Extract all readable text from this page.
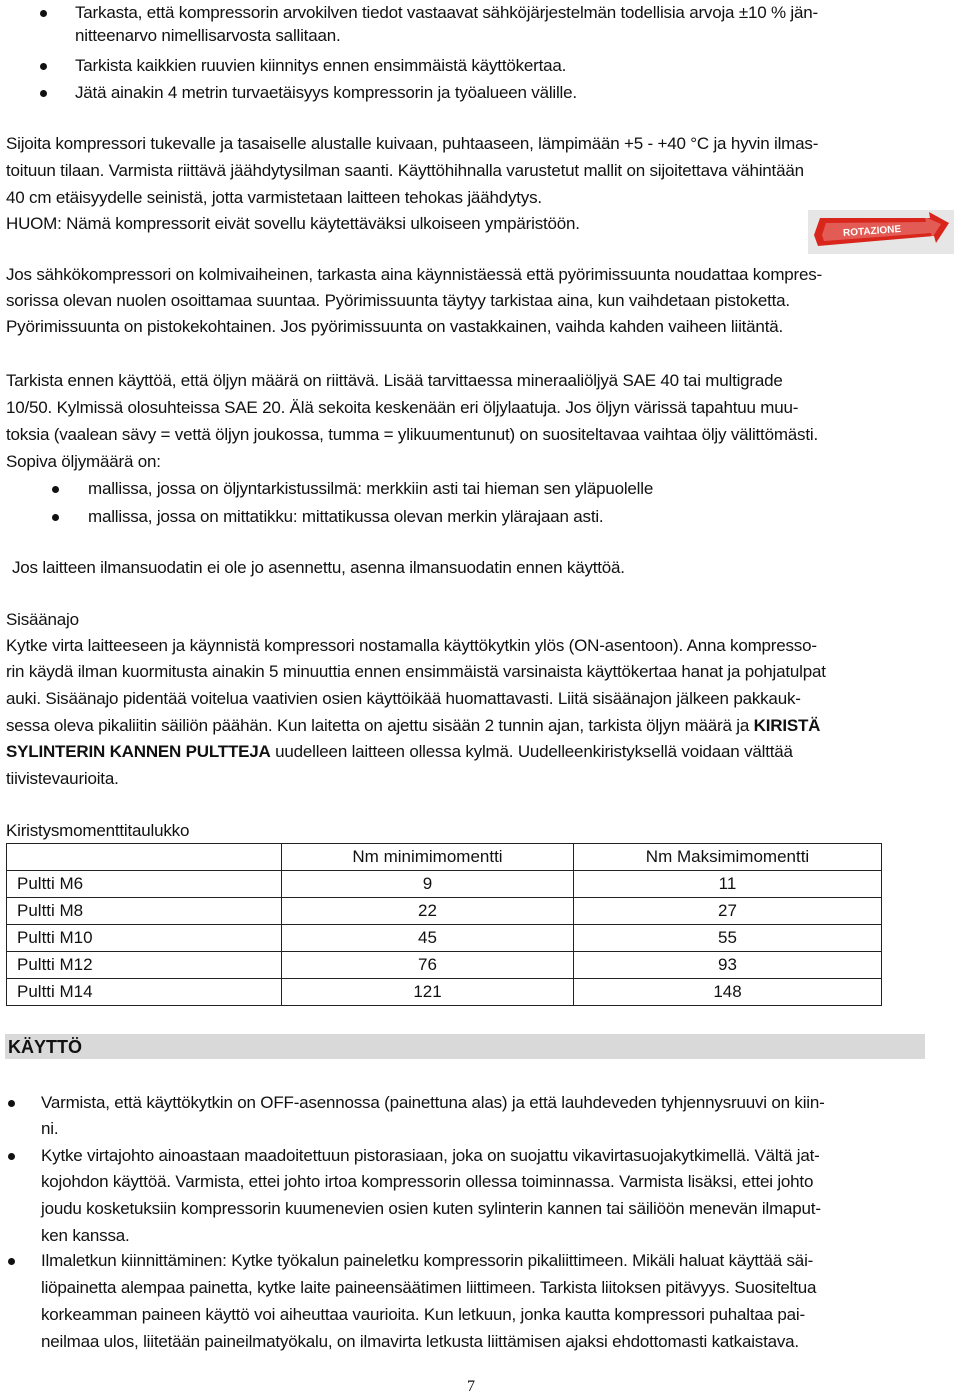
Tarkasta, että kompressorin arvokilven tiedot vastaavat sähköjärjestelmän todellisia arvoja ±10 % jän-
nitteenarvo nimellisarvosta sallitaan.
Tarkista kaikkien ruuvien kiinnitys ennen ensimmäistä käyttökertaa.
Jätä ainakin 4 metrin turvaetäisyys kompressorin ja työalueen välille.
Sijoita kompressori tukevalle ja tasaiselle alustalle kuivaan, puhtaaseen, lämpimään +5 - +40 °C ja hyvin ilmas-
toituun tilaan. Varmista riittävä jäähdytysilman saanti. Käyttöhihnalla varustetut mallit on sijoitettava vähintään
40 cm etäisyydelle seinistä, jotta varmistetaan laitteen tehokas jäähdytys.
HUOM: Nämä kompressorit eivät sovellu käytettäväksi ulkoiseen ympäristöön.	ROTAZIONE
Jos sähkökompressori on kolmivaiheinen, tarkasta aina käynnistäessä että pyörimissuunta noudattaa kompres-
sorissa olevan nuolen osoittamaa suuntaa. Pyörimissuunta täytyy tarkistaa aina, kun vaihdetaan pistoketta.
Pyörimissuunta on pistokekohtainen. Jos pyörimissuunta on vastakkainen, vaihda kahden vaiheen liitäntä.
Tarkista ennen käyttöä, että öljyn määrä on riittävä. Lisää tarvittaessa mineraaliöljyä SAE 40 tai multigrade
10/50. Kylmissä olosuhteissa SAE 20. Älä sekoita keskenään eri öljylaatuja. Jos öljyn värissä tapahtuu muu-
toksia (vaalean sävy = vettä öljyn joukossa, tumma = ylikuumentunut) on suositeltavaa vaihtaa öljy välittömästi.
Sopiva öljymäärä on:
mallissa, jossa on öljyntarkistussilmä: merkkiin asti tai hieman sen yläpuolelle
mallissa, jossa on mittatikku: mittatikussa olevan merkin ylärajaan asti.
Jos laitteen ilmansuodatin ei ole jo asennettu, asenna ilmansuodatin ennen käyttöä.
Sisäänajo
Kytke virta laitteeseen ja käynnistä kompressori nostamalla käyttökytkin ylös (ON-asentoon). Anna kompresso-
rin käydä ilman kuormitusta ainakin 5 minuuttia ennen ensimmäistä varsinaista käyttökertaa hanat ja pohjatulpat
auki. Sisäänajo pidentää voitelua vaativien osien käyttöikää huomattavasti. Liitä sisäänajon jälkeen pakkauk-
sessa oleva pikaliitin säiliön päähän. Kun laitetta on ajettu sisään 2 tunnin ajan, tarkista öljyn määrä ja KIRISTÄ
SYLINTERIN KANNEN PULTTEJA uudelleen laitteen ollessa kylmä. Uudelleenkiristyksellä voidaan välttää
tiivistevaurioita.
Kiristysmomenttitaulukko
	Nm minimimomentti	Nm Maksimimomentti
Pultti M6	9	11
Pultti M8	22	27
Pultti M10	45	55
Pultti M12	76	93
Pultti M14	121	148
KÄYTTÖ
Varmista, että käyttökytkin on OFF-asennossa (painettuna alas) ja että lauhdeveden tyhjennysruuvi on kiin-
ni.
Kytke virtajohto ainoastaan maadoitettuun pistorasiaan, joka on suojattu vikavirtasuojakytkimellä. Vältä jat-
kojohdon käyttöä. Varmista, ettei johto irtoa kompressorin ollessa toiminnassa. Varmista lisäksi, ettei johto
joudu kosketuksiin kompressorin kuumenevien osien kuten sylinterin kannen tai säiliöön menevän ilmaput-
ken kanssa.
Ilmaletkun kiinnittäminen: Kytke työkalun paineletku kompressorin pikaliittimeen. Mikäli haluat käyttää säi-
liöpainetta alempaa painetta, kytke laite paineensäätimen liittimeen. Tarkista liitoksen pitävyys. Suositeltua
korkeamman paineen käyttö voi aiheuttaa vaurioita. Kun letkuun, jonka kautta kompressori puhaltaa pai-
neilmaa ulos, liitetään paineilmatyökalu, on ilmavirta letkusta liittämisen ajaksi ehdottomasti katkaistava.
7
